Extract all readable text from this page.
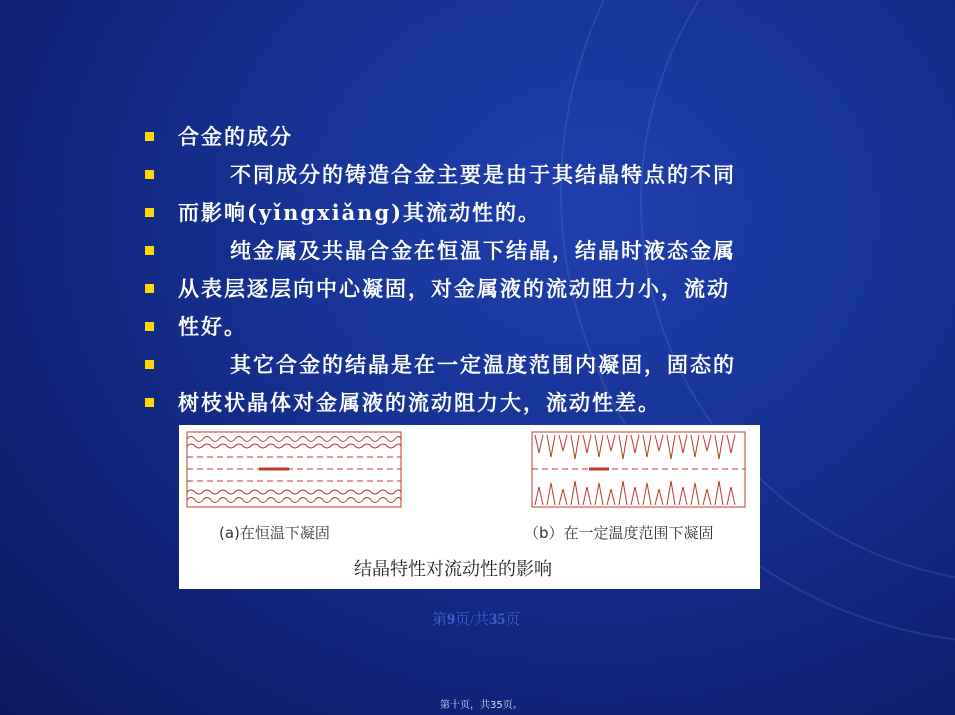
合金的成分
不同成分的铸造合金主要是由于其结晶特点的不同
而影响(yǐngxiǎng)其流动性的。
纯金属及共晶合金在恒温下结晶，结晶时液态金属
从表层逐层向中心凝固，对金属液的流动阻力小，流动
性好。
其它合金的结晶是在一定温度范围内凝固，固态的
树枝状晶体对金属液的流动阻力大，流动性差。
(a)在恒温下凝固	（b）在一定温度范围下凝固
结晶特性对流动性的影响
第9页/共35页
第十页，共35页。
